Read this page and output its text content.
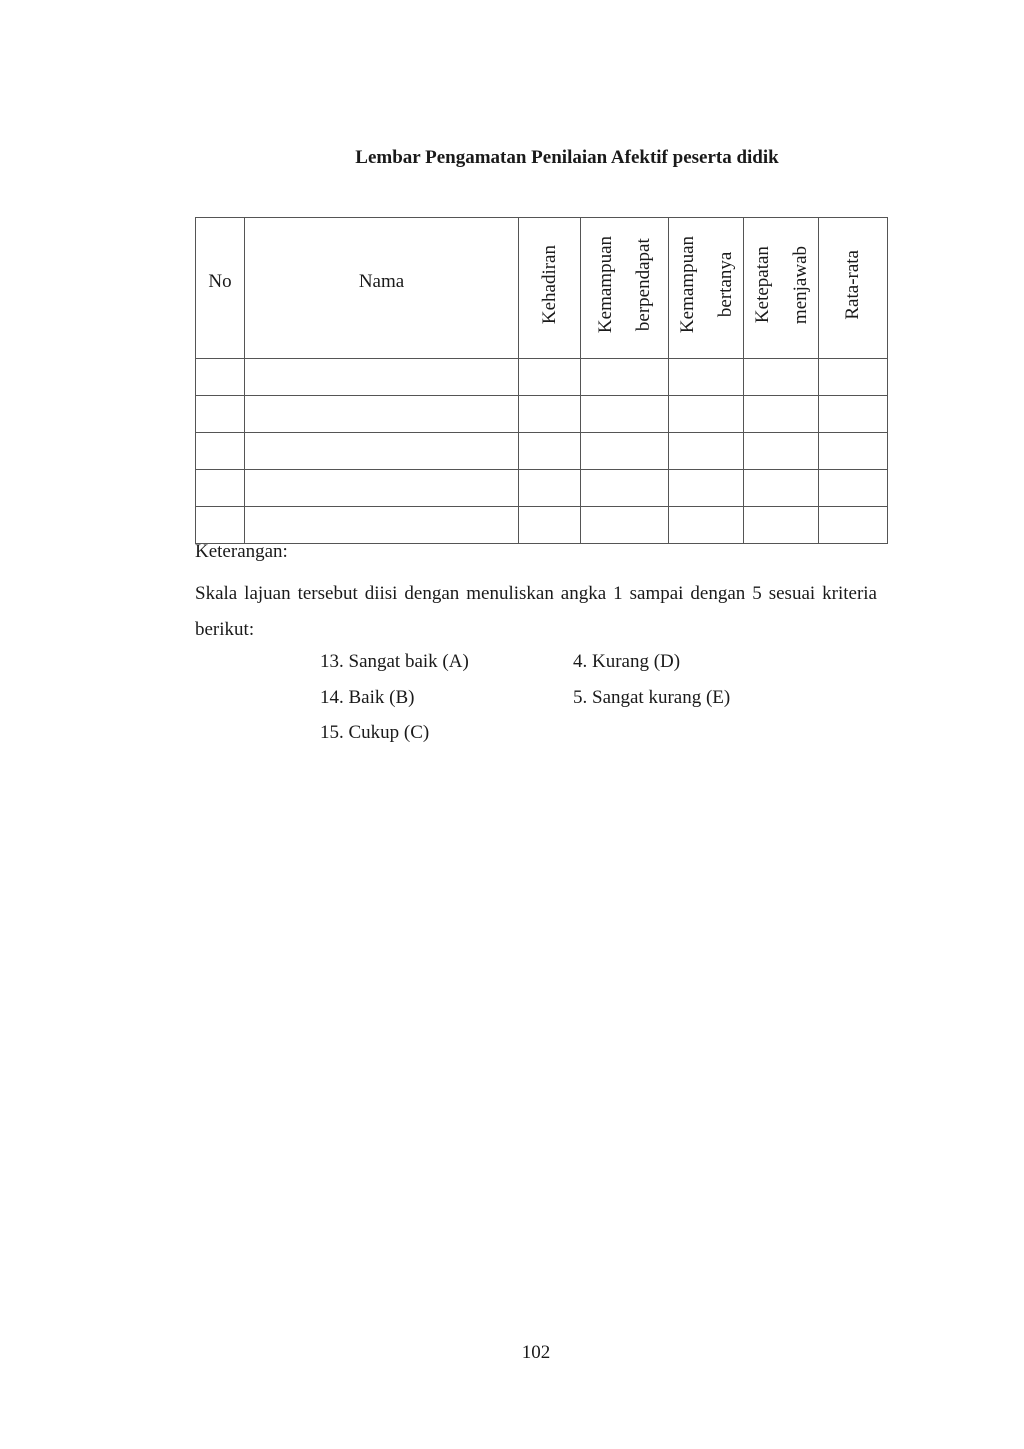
Lembar Pengamatan Penilaian Afektif peserta didik
No	Nama	Kehadiran	Kemampuan berpendapat	Kemampuan bertanya	Ketepatan menjawab	Rata-rata

Keterangan:
Skala lajuan tersebut diisi dengan menuliskan angka 1 sampai dengan 5 sesuai kriteria berikut:
13. Sangat baik (A)
14. Baik (B)
15. Cukup (C)
4. Kurang (D)
5. Sangat kurang (E)
102
